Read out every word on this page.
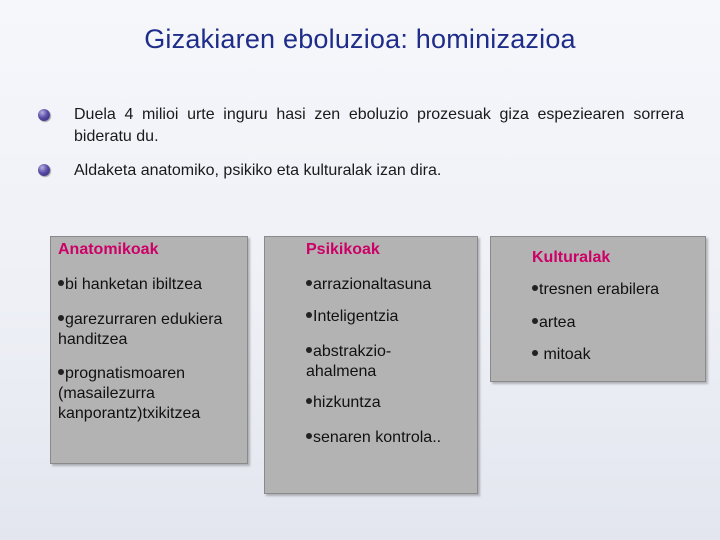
Gizakiaren eboluzioa: hominizazioa
Duela 4 milioi urte inguru hasi zen eboluzio prozesuak giza espeziearen sorrera bideratu du.
Aldaketa anatomiko, psikiko eta kulturalak izan dira.
Anatomikoak
bi hanketan ibiltzea
garezurraren edukiera handitzea
prognatismoaren (masailezurra kanporantz)txikitzea
Psikikoak
arrazionaltasuna
Inteligentzia
abstrakzio-ahalmena
hizkuntza
senaren kontrola..
Kulturalak
tresnen erabilera
artea
mitoak
